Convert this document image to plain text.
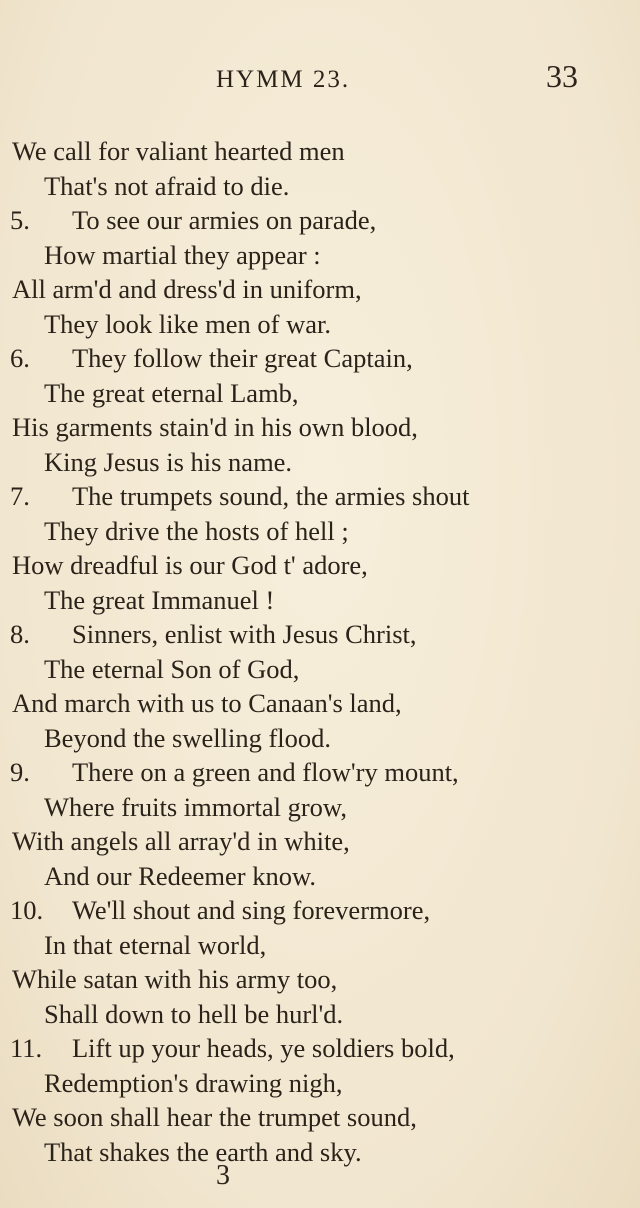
HYMM 23.	33
We call for valiant hearted men
That's not afraid to die.
5. To see our armies on parade,
How martial they appear :
All arm'd and dress'd in uniform,
They look like men of war.
6. They follow their great Captain,
The great eternal Lamb,
His garments stain'd in his own blood,
King Jesus is his name.
7. The trumpets sound, the armies shout
They drive the hosts of hell ;
How dreadful is our God t' adore,
The great Immanuel !
8. Sinners, enlist with Jesus Christ,
The eternal Son of God,
And march with us to Canaan's land,
Beyond the swelling flood.
9. There on a green and flow'ry mount,
Where fruits immortal grow,
With angels all array'd in white,
And our Redeemer know.
10. We'll shout and sing forevermore,
In that eternal world,
While satan with his army too,
Shall down to hell be hurl'd.
11. Lift up your heads, ye soldiers bold,
Redemption's drawing nigh,
We soon shall hear the trumpet sound,
That shakes the earth and sky.
3
